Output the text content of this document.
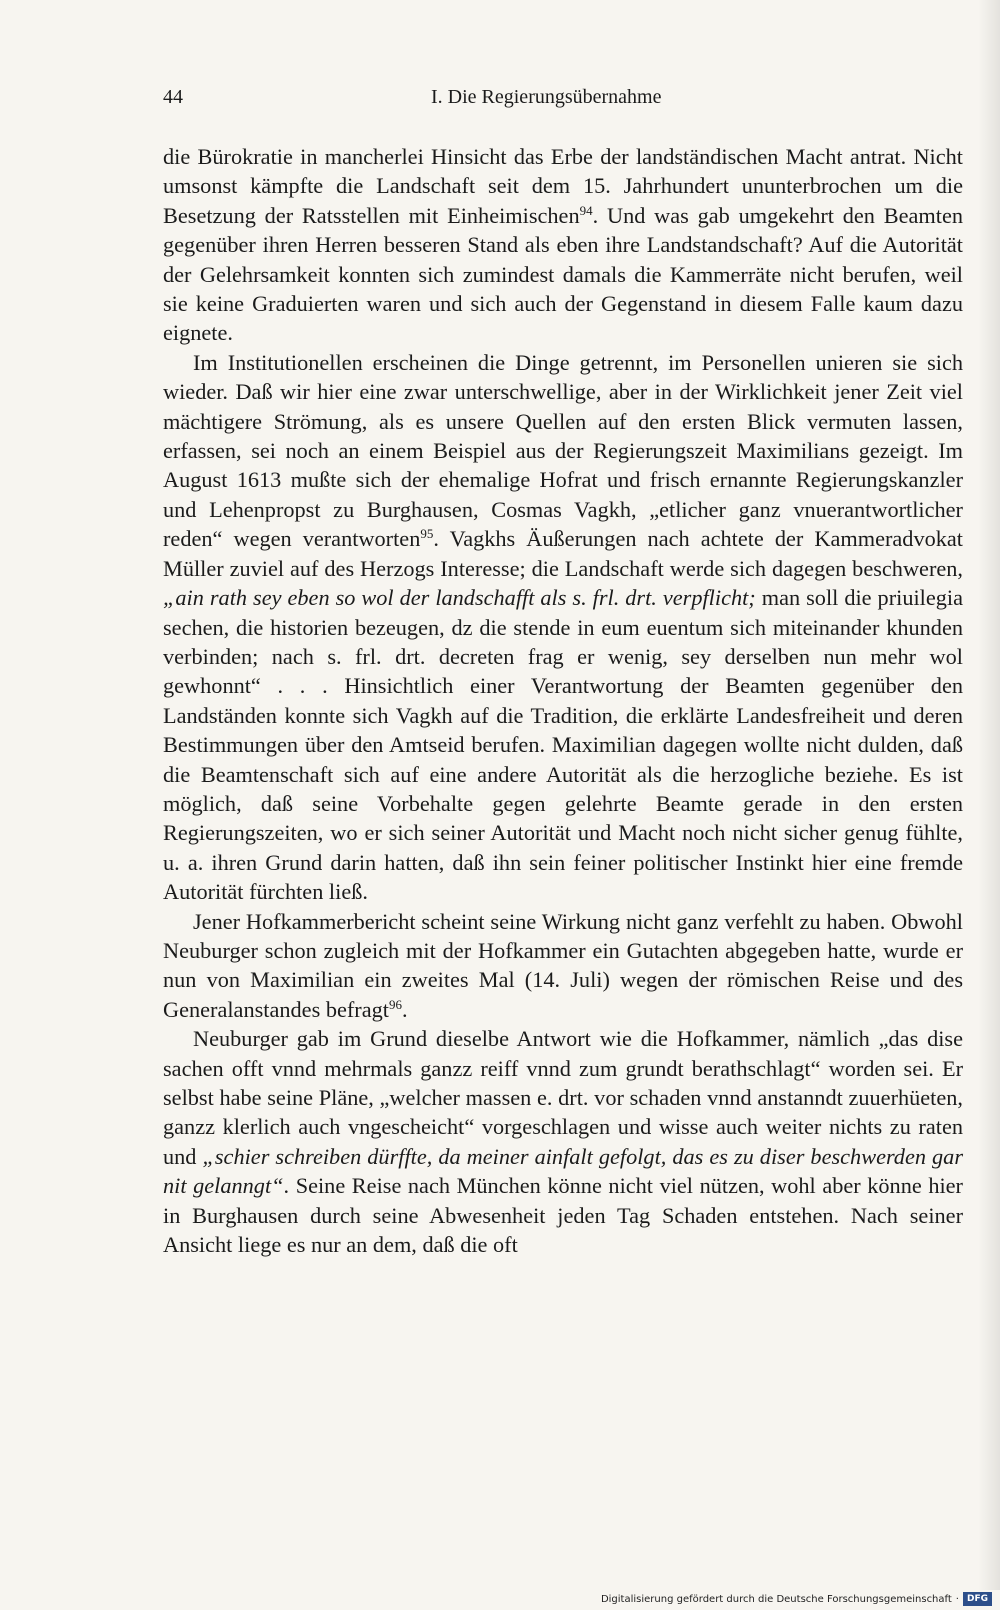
44	I. Die Regierungsübernahme

die Bürokratie in mancherlei Hinsicht das Erbe der landständischen Macht antrat. Nicht umsonst kämpfte die Landschaft seit dem 15. Jahrhundert ununterbrochen um die Besetzung der Ratsstellen mit Einheimischen$^{94}$. Und was gab umgekehrt den Beamten gegenüber ihren Herren besseren Stand als eben ihre Landstandschaft? Auf die Autorität der Gelehrsamkeit konnten sich zumindest damals die Kammerräte nicht berufen, weil sie keine Graduierten waren und sich auch der Gegenstand in diesem Falle kaum dazu eignete.

Im Institutionellen erscheinen die Dinge getrennt, im Personellen unieren sie sich wieder. Daß wir hier eine zwar unterschwellige, aber in der Wirklichkeit jener Zeit viel mächtigere Strömung, als es unsere Quellen auf den ersten Blick vermuten lassen, erfassen, sei noch an einem Beispiel aus der Regierungszeit Maximilians gezeigt. Im August 1613 mußte sich der ehemalige Hofrat und frisch ernannte Regierungskanzler und Lehenpropst zu Burghausen, Cosmas Vagkh, „etlicher ganz vnuerantwortlicher reden“ wegen verantworten$^{95}$. Vagkhs Äußerungen nach achtete der Kammeradvokat Müller zuviel auf des Herzogs Interesse; die Landschaft werde sich dagegen beschweren, „ain rath sey eben so wol der landschafft als s. frl. drt. verpflicht; man soll die priuilegia sechen, die historien bezeugen, dz die stende in eum euentum sich miteinander khunden verbinden; nach s. frl. drt. decreten frag er wenig, sey derselben nun mehr wol gewhonnt“ . . . Hinsichtlich einer Verantwortung der Beamten gegenüber den Landständen konnte sich Vagkh auf die Tradition, die erklärte Landesfreiheit und deren Bestimmungen über den Amtseid berufen. Maximilian dagegen wollte nicht dulden, daß die Beamtenschaft sich auf eine andere Autorität als die herzogliche beziehe. Es ist möglich, daß seine Vorbehalte gegen gelehrte Beamte gerade in den ersten Regierungszeiten, wo er sich seiner Autorität und Macht noch nicht sicher genug fühlte, u. a. ihren Grund darin hatten, daß ihn sein feiner politischer Instinkt hier eine fremde Autorität fürchten ließ.

Jener Hofkammerbericht scheint seine Wirkung nicht ganz verfehlt zu haben. Obwohl Neuburger schon zugleich mit der Hofkammer ein Gutachten abgegeben hatte, wurde er nun von Maximilian ein zweites Mal (14. Juli) wegen der römischen Reise und des Generalanstandes befragt$^{96}$.

Neuburger gab im Grund dieselbe Antwort wie die Hofkammer, nämlich „das dise sachen offt vnnd mehrmals ganzz reiff vnnd zum grundt berathschlagt“ worden sei. Er selbst habe seine Pläne, „welcher massen e. drt. vor schaden vnnd anstanndt zuuerhüeten, ganzz klerlich auch vngescheicht“ vorgeschlagen und wisse auch weiter nichts zu raten und „schier schreiben dürffte, da meiner ainfalt gefolgt, das es zu diser beschwerden gar nit gelanngt“. Seine Reise nach München könne nicht viel nützen, wohl aber könne hier in Burghausen durch seine Abwesenheit jeden Tag Schaden entstehen. Nach seiner Ansicht liege es nur an dem, daß die oft

Digitalisierung gefördert durch die Deutsche Forschungsgemeinschaft · DFG
